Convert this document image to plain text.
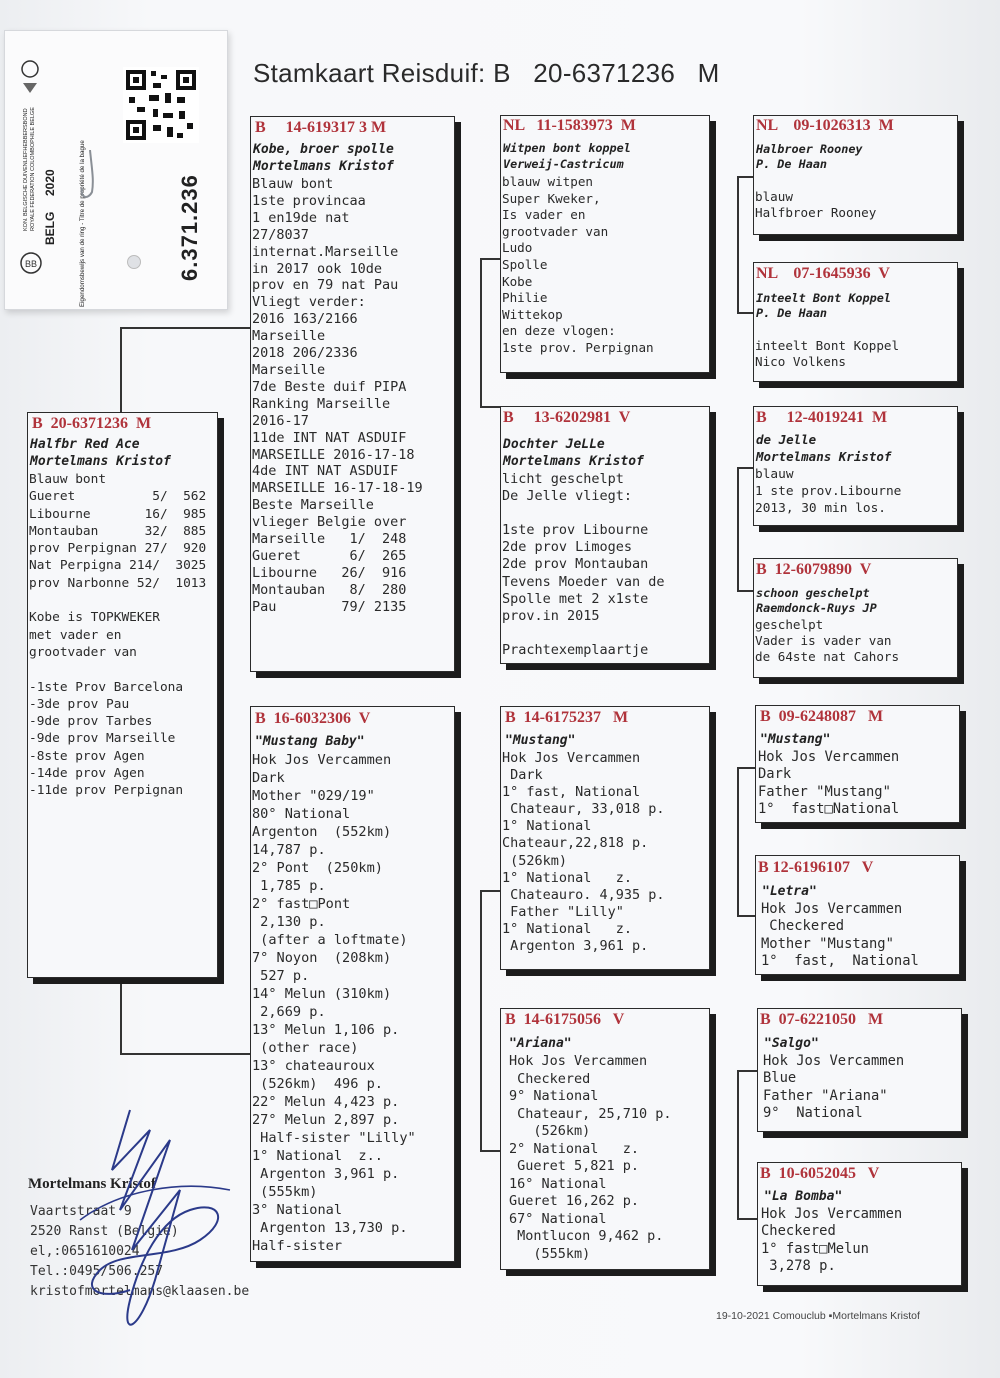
Stamkaart Reisduif: B   20-6371236   M
6.371.236
KON. BELGISCHE DUIVENLIEFHEBBERSBOND ROYALE FEDERATION COLOMBOPHILE BELGE 2020
BELG	Eigendomsbewijs van de ring - Titre de propriété de la bague
BB
B  20-6371236  M
Halfbr Red Ace
Mortelmans Kristof
Blauw bont
Gueret          5/  562
Libourne       16/  985
Montauban      32/  885
prov Perpignan 27/  920
Nat Perpigna 214/  3025
prov Narbonne 52/  1013

Kobe is TOPKWEKER
met vader en
grootvader van

-1ste Prov Barcelona
-3de prov Pau
-9de prov Tarbes
-9de prov Marseille
-8ste prov Agen
-14de prov Agen
-11de prov Perpignan
B     14-619317 3 M
Kobe, broer spolle
Mortelmans Kristof
Blauw bont
1ste provincaa
1 en19de nat
27/8037
internat.Marseille
in 2017 ook 10de
prov en 79 nat Pau
Vliegt verder:
2016 163/2166
Marseille
2018 206/2336
Marseille
7de Beste duif PIPA
Ranking Marseille
2016-17
11de INT NAT ASDUIF
MARSEILLE 2016-17-18
4de INT NAT ASDUIF
MARSEILLE 16-17-18-19
Beste Marseille
vlieger Belgie over
Marseille   1/  248
Gueret      6/  265
Libourne   26/  916
Montauban   8/  280
Pau        79/ 2135
B  16-6032306  V
"Mustang Baby"
Hok Jos Vercammen
Dark
Mother "029/19"
80° National
Argenton  (552km)
14,787 p.
2° Pont  (250km)
1,785 p.
2° fast□Pont
2,130 p.
(after a loftmate)
7° Noyon  (208km)
527 p.
14° Melun (310km)
2,669 p.
13° Melun 1,106 p.
(other race)
13° chateauroux
(526km)  496 p.
22° Melun 4,423 p.
27° Melun 2,897 p.
Half-sister "Lilly"
1° National  z..
Argenton 3,961 p.
(555km)
3° National
Argenton 13,730 p.
Half-sister
NL   11-1583973  M
Witpen bont koppel
Verweij-Castricum
blauw witpen
Super Kweker,
Is vader en
grootvader van
Ludo
Spolle
Kobe
Philie
Wittekop
en deze vlogen:
1ste prov. Perpignan
B     13-6202981  V
Dochter JeLLe
Mortelmans Kristof
licht geschelpt
De Jelle vliegt:

1ste prov Libourne
2de prov Limoges
2de prov Montauban
Tevens Moeder van de
Spolle met 2 x1ste
prov.in 2015

Prachtexemplaartje
B  14-6175237   M
"Mustang"
Hok Jos Vercammen
Dark
1° fast, National
Chateaur, 33,018 p.
1° National
Chateaur,22,818 p.
(526km)
1° National   z.
Chateauro. 4,935 p.
Father "Lilly"
1° National   z.
Argenton 3,961 p.
B  14-6175056   V
"Ariana"
Hok Jos Vercammen
Checkered
9° National
Chateaur, 25,710 p.
(526km)
2° National   z.
Gueret 5,821 p.
16° National
Gueret 16,262 p.
67° National
Montlucon 9,462 p.
(555km)
NL    09-1026313  M
Halbroer Rooney
P. De Haan

blauw
Halfbroer Rooney
NL    07-1645936  V
Inteelt Bont Koppel
P. De Haan

inteelt Bont Koppel
Nico Volkens
B     12-4019241  M
de Jelle
Mortelmans Kristof
blauw
1 ste prov.Libourne
2013, 30 min los.
B  12-6079890  V
schoon geschelpt
Raemdonck-Ruys JP
geschelpt
Vader is vader van
de 64ste nat Cahors
B  09-6248087   M
"Mustang"
Hok Jos Vercammen
Dark
Father "Mustang"
1°  fast□National
B 12-6196107   V
"Letra"
Hok Jos Vercammen
Checkered
Mother "Mustang"
1°  fast,  National
B  07-6221050   M
"Salgo"
Hok Jos Vercammen
Blue
Father "Ariana"
9°  National
B  10-6052045   V
"La Bomba"
Hok Jos Vercammen
Checkered
1° fast□Melun
3,278 p.
Mortelmans Kristof
Vaartstraat 9
2520 Ranst (Belgie)
el,:0651610024
Tel.:0495/506.257
kristofmortelmans@klaasen.be
19-10-2021 Comouclub ▪Mortelmans Kristof
